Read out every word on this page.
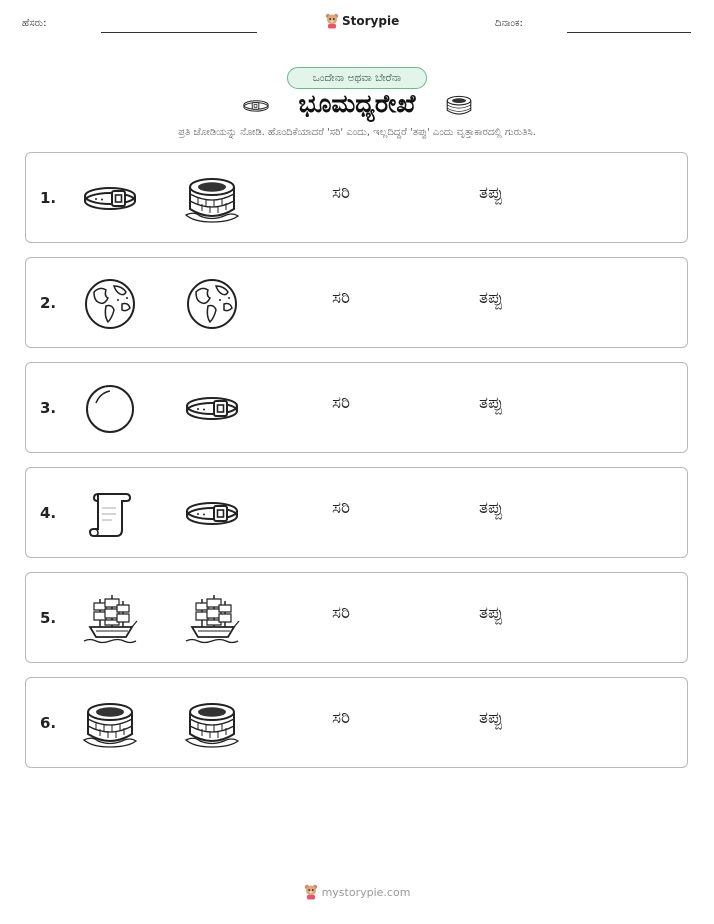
ಹೆಸರು:	Storypie	ದಿನಾಂಕ:
ಒಂದೇನಾ ಅಥವಾ ಬೇರೆನಾ
ಭೂಮಧ್ಯರೇಖೆ
ಪ್ರತಿ ಜೋಡಿಯನ್ನು ನೋಡಿ. ಹೊಂದಿಕೆಯಾದರೆ 'ಸರಿ' ಎಂದು, ಇಲ್ಲದಿದ್ದರೆ 'ತಪ್ಪು' ಎಂದು ವೃತ್ತಾಕಾರದಲ್ಲಿ ಗುರುತಿಸಿ.
1.	ಸರಿ	ತಪ್ಪು
2.	ಸರಿ	ತಪ್ಪು
3.	ಸರಿ	ತಪ್ಪು
4.	ಸರಿ	ತಪ್ಪು
5.	ಸರಿ	ತಪ್ಪು
6.	ಸರಿ	ತಪ್ಪು
mystorypie.com
